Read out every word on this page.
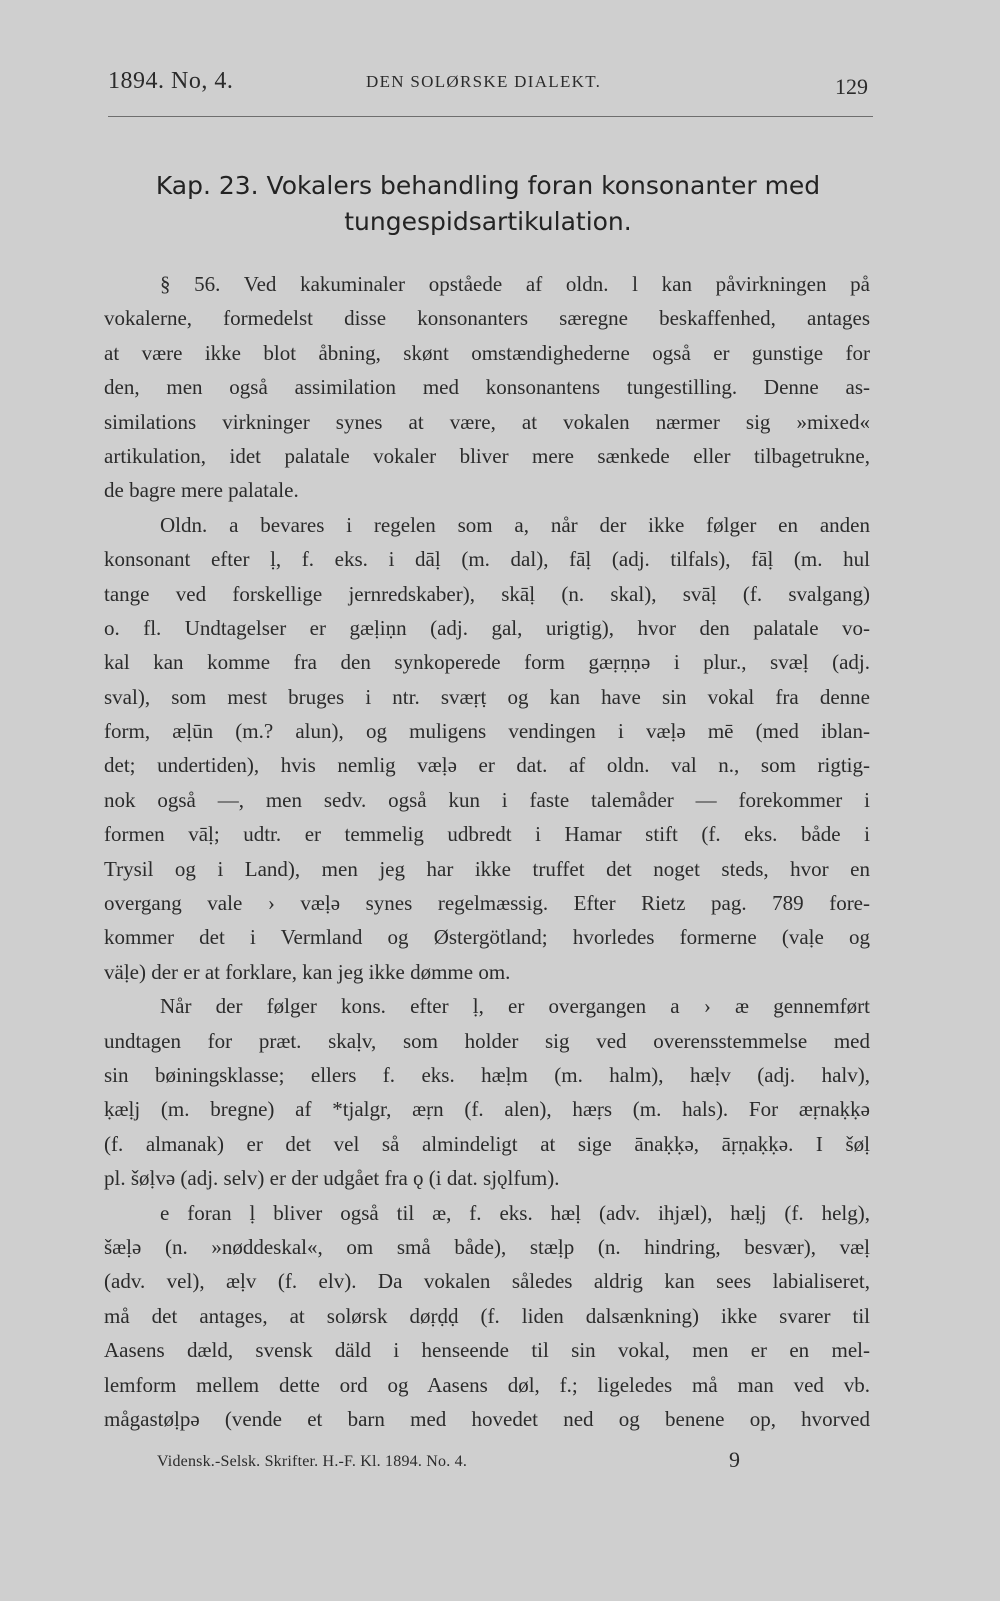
1894. No, 4.	DEN SOLØRSKE DIALEKT.	129
Kap. 23. Vokalers behandling foran konsonanter med
tungespidsartikulation.
§ 56. Ved kakuminaler opståede af oldn. l kan påvirkningen på
vokalerne, formedelst disse konsonanters særegne beskaffenhed, antages
at være ikke blot åbning, skønt omstændighederne også er gunstige for
den, men også assimilation med konsonantens tungestilling. Denne as-
similations virkninger synes at være, at vokalen nærmer sig »mixed«
artikulation, idet palatale vokaler bliver mere sænkede eller tilbagetrukne,
de bagre mere palatale.
Oldn. a bevares i regelen som a, når der ikke følger en anden
konsonant efter ḷ, f. eks. i dāḷ (m. dal), fāḷ (adj. tilfals), fāḷ (m. hul
tange ved forskellige jernredskaber), skāḷ (n. skal), svāḷ (f. svalgang)
o. fl. Undtagelser er gæḷiṇn (adj. gal, urigtig), hvor den palatale vo-
kal kan komme fra den synkoperede form gæṛṇṇə i plur., svæḷ (adj.
sval), som mest bruges i ntr. svæṛṭ og kan have sin vokal fra denne
form, æḷūn (m.? alun), og muligens vendingen i væḷə mē (med iblan-
det; undertiden), hvis nemlig væḷə er dat. af oldn. val n., som rigtig-
nok også —, men sedv. også kun i faste talemåder — forekommer i
formen vāḷ; udtr. er temmelig udbredt i Hamar stift (f. eks. både i
Trysil og i Land), men jeg har ikke truffet det noget steds, hvor en
overgang vale › væḷə synes regelmæssig. Efter Rietz pag. 789 fore-
kommer det i Vermland og Østergötland; hvorledes formerne (vaḷe og
väḷe) der er at forklare, kan jeg ikke dømme om.
Når der følger kons. efter ḷ, er overgangen a › æ gennemført
undtagen for præt. skaḷv, som holder sig ved overensstemmelse med
sin bøiningsklasse; ellers f. eks. hæḷm (m. halm), hæḷv (adj. halv),
ḳæḷj (m. bregne) af *tjalgr, æṛn (f. alen), hæṛs (m. hals). For æṛnaḳḳə
(f. almanak) er det vel så almindeligt at sige ānaḳḳə, āṛṇaḳḳə. I šøḷ
pl. šøḷvə (adj. selv) er der udgået fra ǫ (i dat. sjǫlfum).
e foran ḷ bliver også til æ, f. eks. hæḷ (adv. ihjæl), hæḷj (f. helg),
šæḷə (n. »nøddeskal«, om små både), stæḷp (n. hindring, besvær), væḷ
(adv. vel), æḷv (f. elv). Da vokalen således aldrig kan sees labialiseret,
må det antages, at solørsk døṛḍḍ (f. liden dalsænkning) ikke svarer til
Aasens dæld, svensk däld i henseende til sin vokal, men er en mel-
lemform mellem dette ord og Aasens døl, f.; ligeledes må man ved vb.
mågastøḷpə (vende et barn med hovedet ned og benene op, hvorved
Vidensk.-Selsk. Skrifter. H.-F. Kl. 1894. No. 4.	9
